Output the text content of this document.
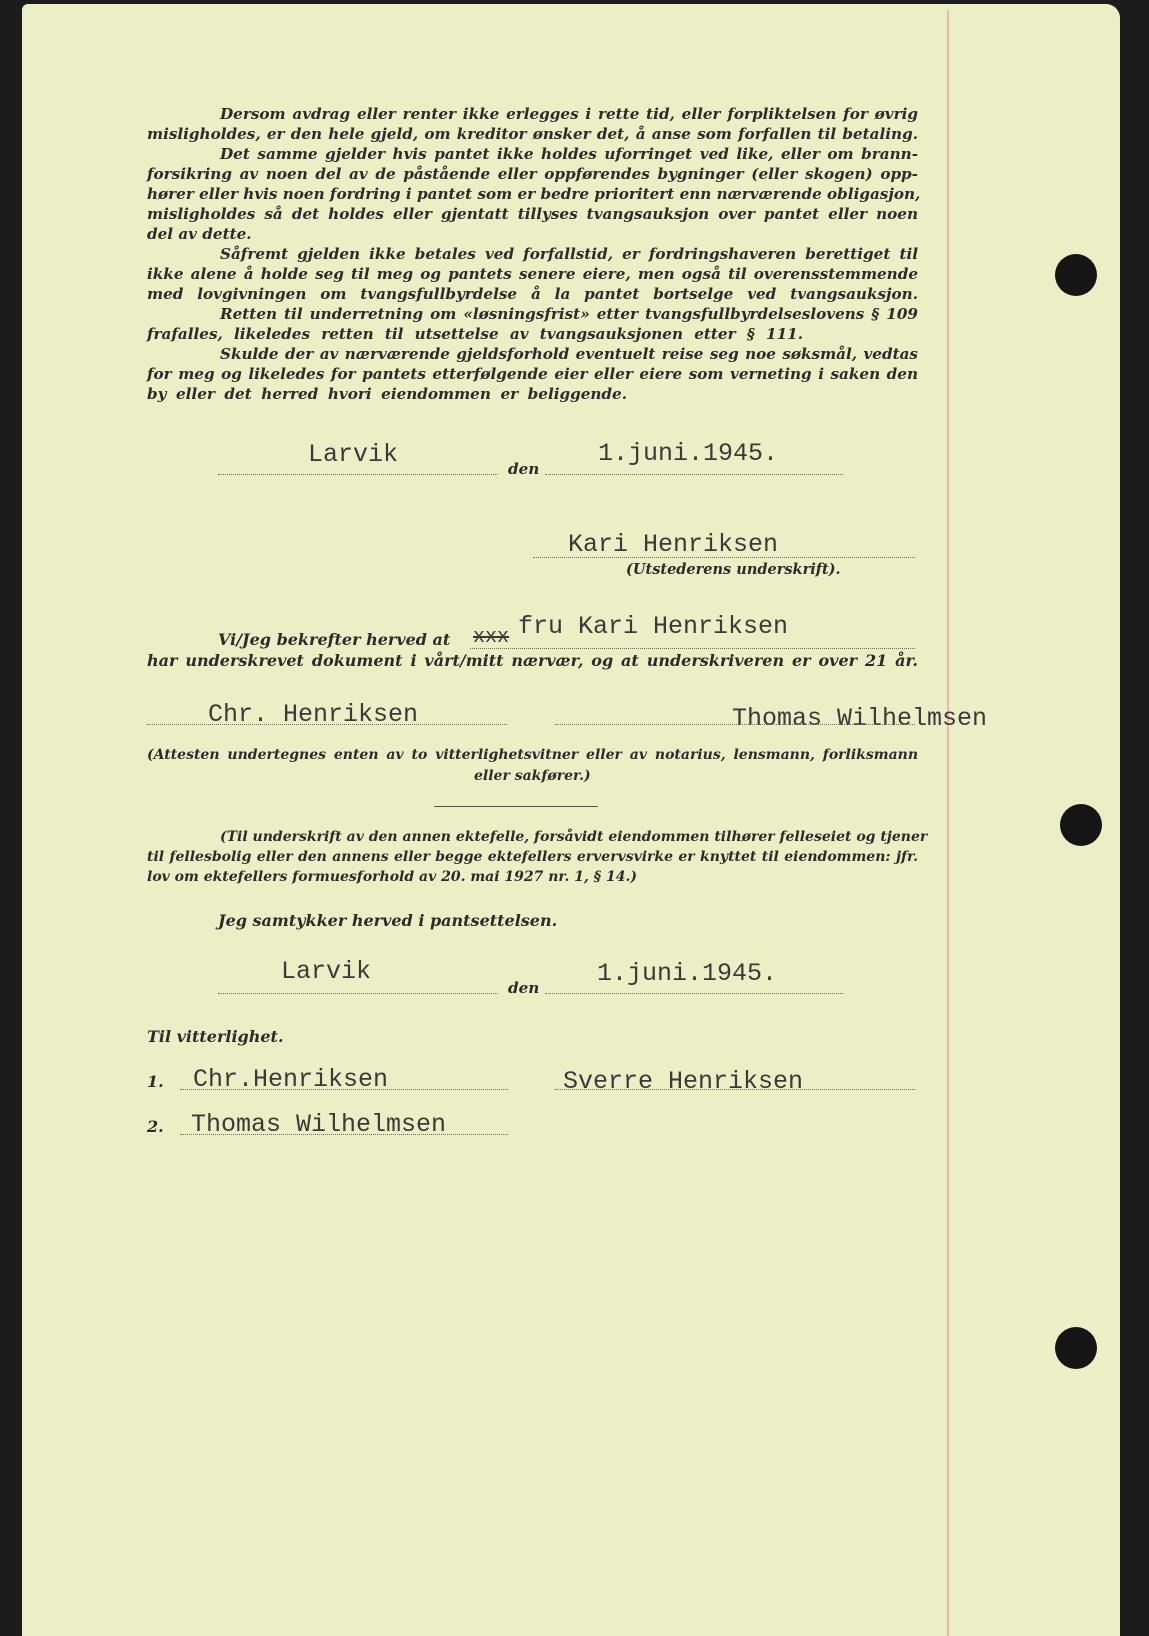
Dersom avdrag eller renter ikke erlegges i rette tid, eller forpliktelsen for øvrig
misligholdes, er den hele gjeld, om kreditor ønsker det, å anse som forfallen til betaling.
Det samme gjelder hvis pantet ikke holdes uforringet ved like, eller om brann-
forsikring av noen del av de påstående eller oppførendes bygninger (eller skogen) opp-
hører eller hvis noen fordring i pantet som er bedre prioritert enn nærværende obligasjon,
misligholdes så det holdes eller gjentatt tillyses tvangsauksjon over pantet eller noen
del av dette.
Såfremt gjelden ikke betales ved forfallstid, er fordringshaveren berettiget til
ikke alene å holde seg til meg og pantets senere eiere, men også til overensstemmende
med lovgivningen om tvangsfullbyrdelse å la pantet bortselge ved tvangsauksjon.
Retten til underretning om «løsningsfrist» etter tvangsfullbyrdelseslovens § 109
frafalles, likeledes retten til utsettelse av tvangsauksjonen etter § 111.
Skulde der av nærværende gjeldsforhold eventuelt reise seg noe søksmål, vedtas
for meg og likeledes for pantets etterfølgende eier eller eiere som verneting i saken den
by eller det herred hvori eiendommen er beliggende.
Larvik	den
1.juni.1945.
Kari Henriksen
(Utstederens underskrift).
Vi/Jeg bekrefter herved at xxx fru Kari Henriksen
har underskrevet dokument i vårt/mitt nærvær, og at underskriveren er over 21 år.
Chr. Henriksen	Thomas Wilhelmsen
(Attesten undertegnes enten av to vitterlighetsvitner eller av notarius, lensmann, forliksmann
eller sakfører.)
(Til underskrift av den annen ektefelle, forsåvidt eiendommen tilhører felleseiet og tjener
til fellesbolig eller den annens eller begge ektefellers ervervsvirke er knyttet til eiendommen: jfr.
lov om ektefellers formuesforhold av 20. mai 1927 nr. 1, § 14.)
Jeg samtykker herved i pantsettelsen.
Larvik
den 1.juni.1945.
Til vitterlighet.
1. Chr.Henriksen	Sverre Henriksen
2. Thomas Wilhelmsen
